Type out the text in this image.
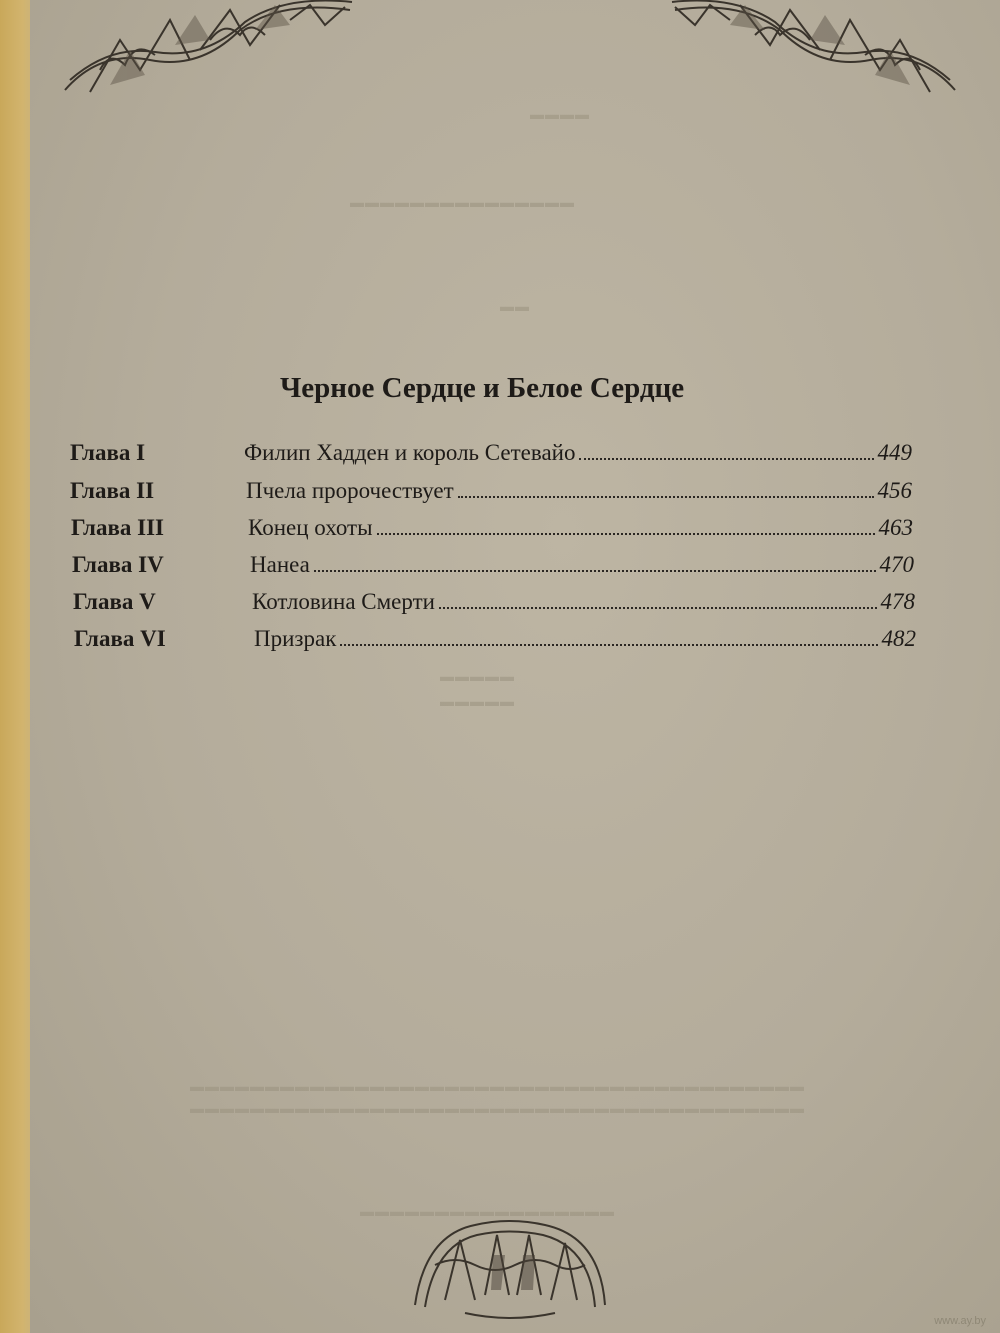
▬▬▬▬
▬▬▬▬▬▬▬▬▬▬▬▬▬▬▬
▬▬
▬▬▬▬▬
▬▬▬▬▬
▬▬▬▬▬▬▬▬▬▬▬▬▬▬▬▬▬▬▬▬▬▬▬▬▬▬▬▬▬▬▬▬▬▬▬▬▬▬▬▬▬
▬▬▬▬▬▬▬▬▬▬▬▬▬▬▬▬▬▬▬▬▬▬▬▬▬▬▬▬▬▬▬▬▬▬▬▬▬▬▬▬▬
▬▬▬▬▬▬▬▬▬▬▬▬▬▬▬▬▬
Черное Сердце и Белое Сердце
Глава I	Филип Хадден и король Сетевайо	449
Глава II	Пчела пророчествует	456
Глава III	Конец охоты	463
Глава IV	Нанеа	470
Глава V	Котловина Смерти	478
Глава VI	Призрак	482
www.ay.by
